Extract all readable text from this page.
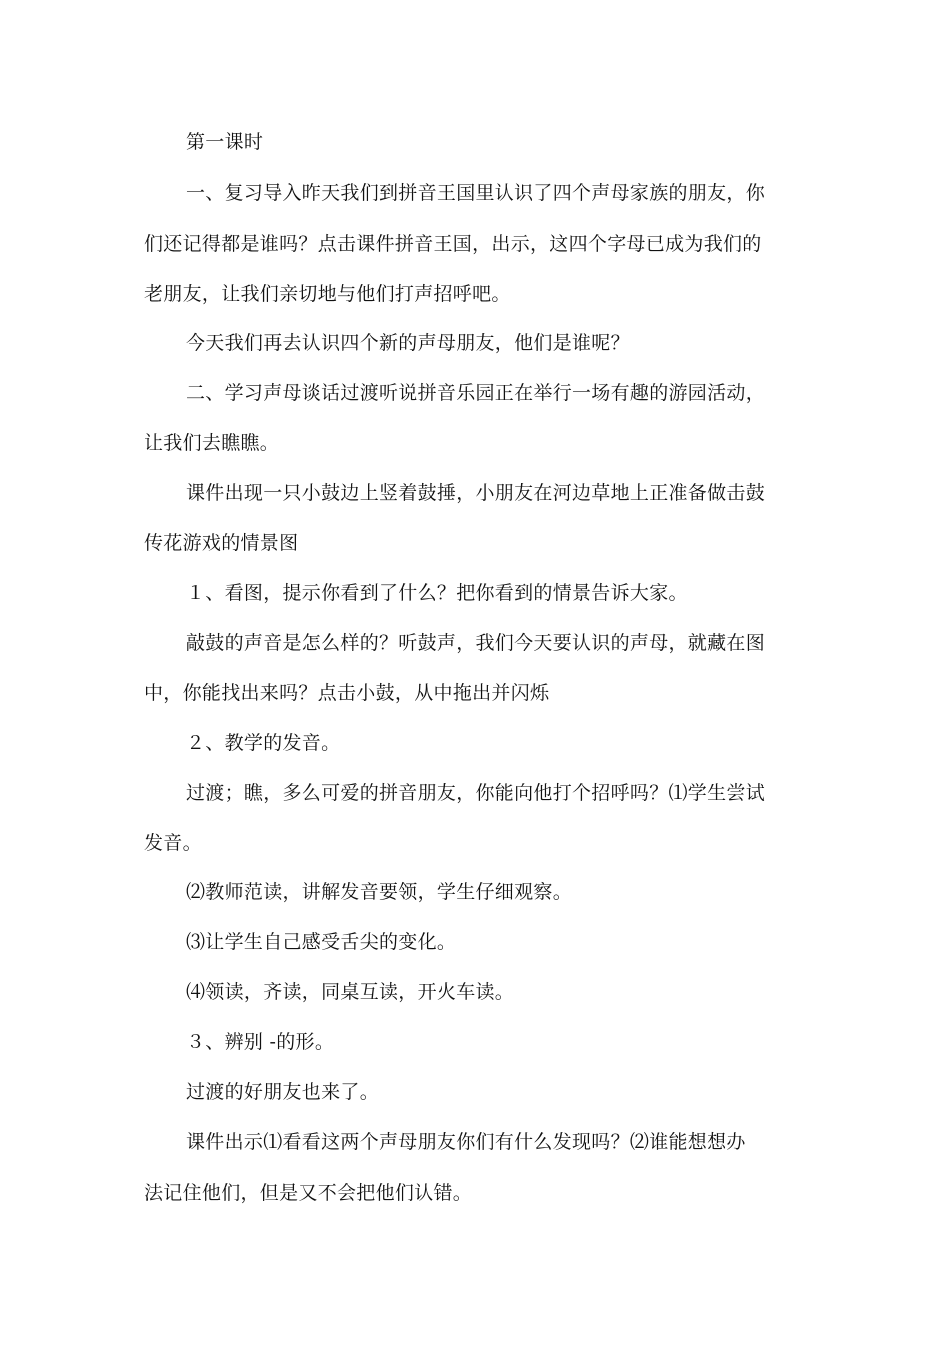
第一课时
一、复习导入昨天我们到拼音王国里认识了四个声母家族的朋友，你
们还记得都是谁吗？点击课件拼音王国，出示，这四个字母已成为我们的
老朋友，让我们亲切地与他们打声招呼吧。
今天我们再去认识四个新的声母朋友，他们是谁呢？
二、学习声母谈话过渡听说拼音乐园正在举行一场有趣的游园活动，
让我们去瞧瞧。
课件出现一只小鼓边上竖着鼓捶，小朋友在河边草地上正准备做击鼓
传花游戏的情景图
１、看图，提示你看到了什么？把你看到的情景告诉大家。
敲鼓的声音是怎么样的？听鼓声，我们今天要认识的声母，就藏在图
中，你能找出来吗？点击小鼓，从中拖出并闪烁
２、教学的发音。
过渡；瞧，多么可爱的拼音朋友，你能向他打个招呼吗？⑴学生尝试
发音。
⑵教师范读，讲解发音要领，学生仔细观察。
⑶让学生自己感受舌尖的变化。
⑷领读，齐读，同桌互读，开火车读。
３、辨别 -的形。
过渡的好朋友也来了。
课件出示⑴看看这两个声母朋友你们有什么发现吗？⑵谁能想想办
法记住他们，但是又不会把他们认错。
